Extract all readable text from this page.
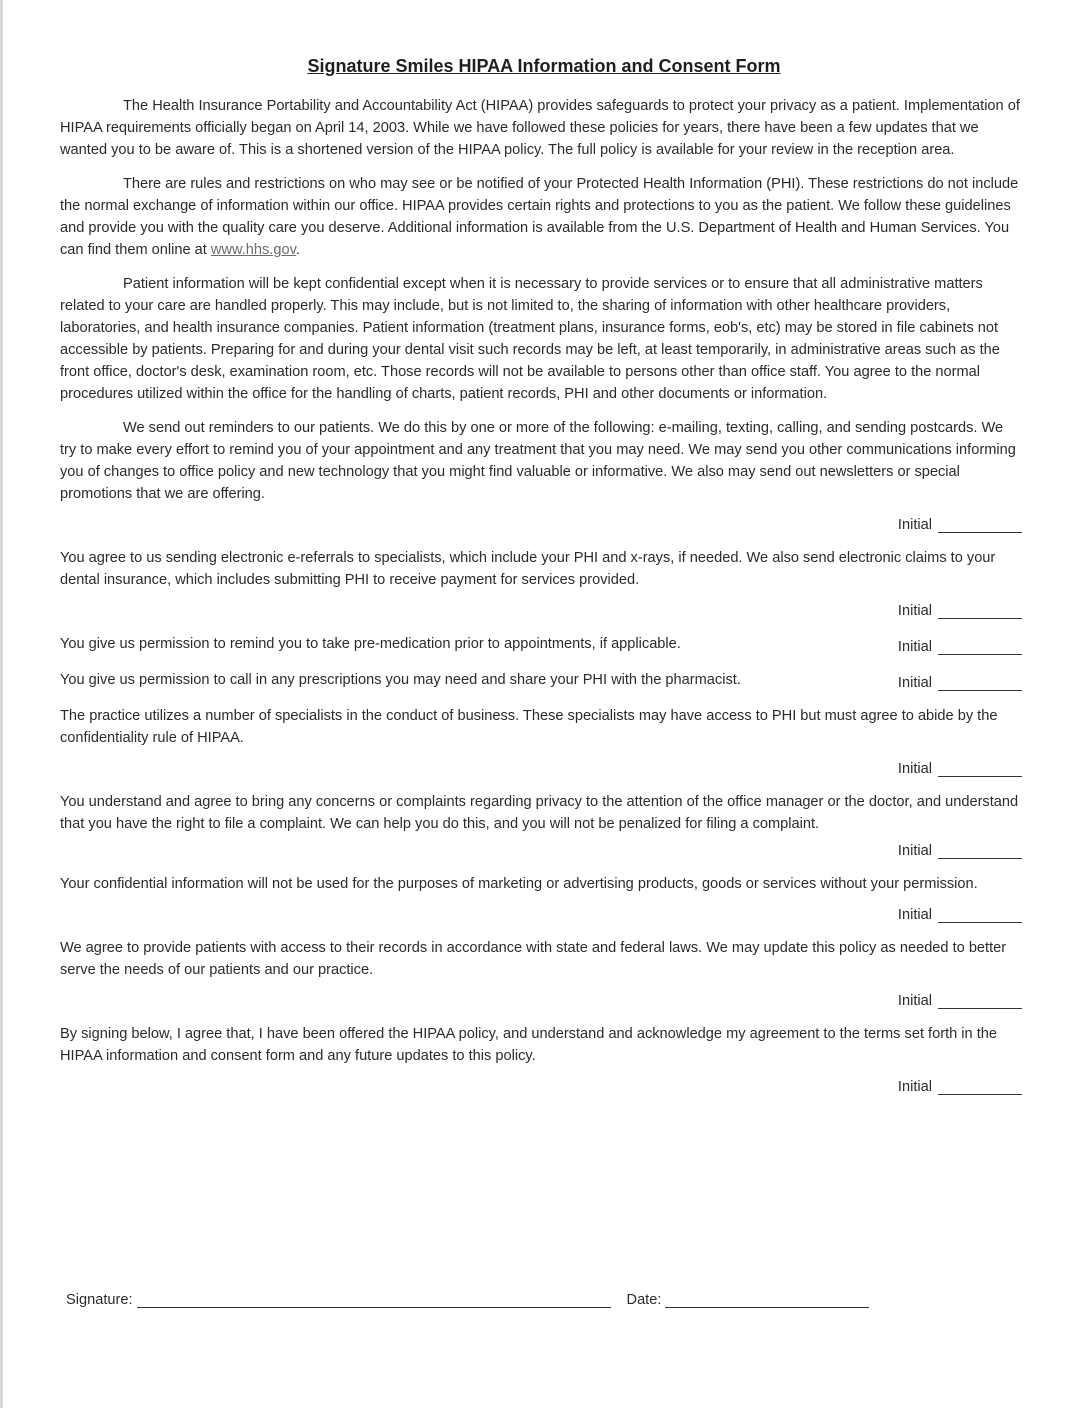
Signature Smiles HIPAA Information and Consent Form

The Health Insurance Portability and Accountability Act (HIPAA) provides safeguards to protect your privacy as a patient. Implementation of HIPAA requirements officially began on April 14, 2003. While we have followed these policies for years, there have been a few updates that we wanted you to be aware of. This is a shortened version of the HIPAA policy. The full policy is available for your review in the reception area.

There are rules and restrictions on who may see or be notified of your Protected Health Information (PHI). These restrictions do not include the normal exchange of information within our office. HIPAA provides certain rights and protections to you as the patient. We follow these guidelines and provide you with the quality care you deserve. Additional information is available from the U.S. Department of Health and Human Services. You can find them online at www.hhs.gov.

Patient information will be kept confidential except when it is necessary to provide services or to ensure that all administrative matters related to your care are handled properly. This may include, but is not limited to, the sharing of information with other healthcare providers, laboratories, and health insurance companies. Patient information (treatment plans, insurance forms, eob's, etc) may be stored in file cabinets not accessible by patients. Preparing for and during your dental visit such records may be left, at least temporarily, in administrative areas such as the front office, doctor's desk, examination room, etc. Those records will not be available to persons other than office staff. You agree to the normal procedures utilized within the office for the handling of charts, patient records, PHI and other documents or information.

We send out reminders to our patients. We do this by one or more of the following: e-mailing, texting, calling, and sending postcards. We try to make every effort to remind you of your appointment and any treatment that you may need. We may send you other communications informing you of changes to office policy and new technology that you might find valuable or informative. We also may send out newsletters or special promotions that we are offering.

Initial

You agree to us sending electronic e-referrals to specialists, which include your PHI and x-rays, if needed. We also send electronic claims to your dental insurance, which includes submitting PHI to receive payment for services provided.

Initial

You give us permission to remind you to take pre-medication prior to appointments, if applicable.	Initial

You give us permission to call in any prescriptions you may need and share your PHI with the pharmacist.	Initial

The practice utilizes a number of specialists in the conduct of business. These specialists may have access to PHI but must agree to abide by the confidentiality rule of HIPAA.

Initial

You understand and agree to bring any concerns or complaints regarding privacy to the attention of the office manager or the doctor, and understand that you have the right to file a complaint. We can help you do this, and you will not be penalized for filing a complaint.

Initial

Your confidential information will not be used for the purposes of marketing or advertising products, goods or services without your permission.

Initial

We agree to provide patients with access to their records in accordance with state and federal laws. We may update this policy as needed to better serve the needs of our patients and our practice.

Initial

By signing below, I agree that, I have been offered the HIPAA policy, and understand and acknowledge my agreement to the terms set forth in the HIPAA information and consent form and any future updates to this policy.

Initial
Signature:	Date:
